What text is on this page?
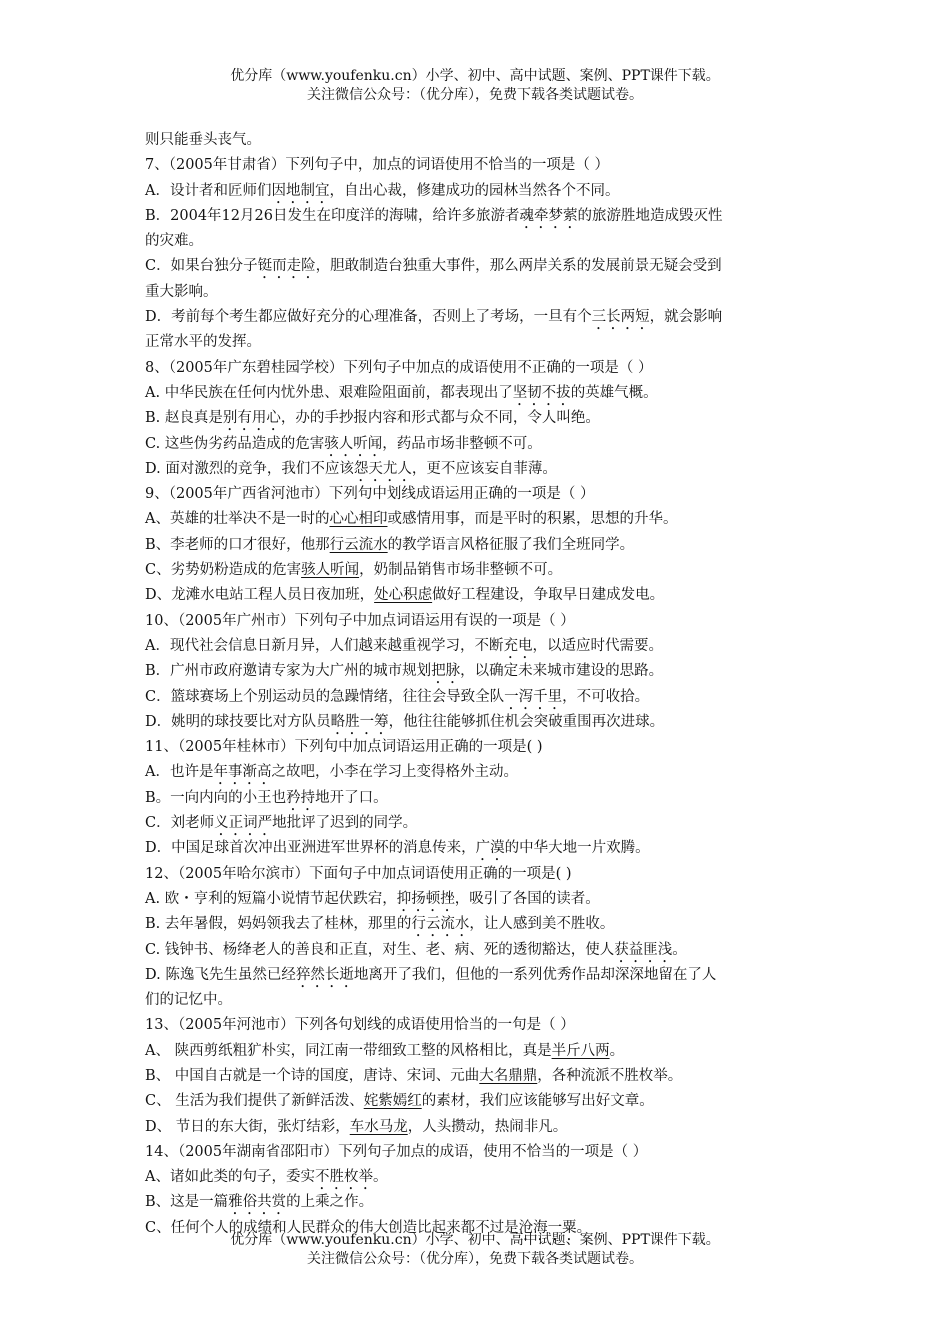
优分库（www.youfenku.cn）小学、初中、高中试题、案例、PPT课件下载。
关注微信公众号：（优分库），免费下载各类试题试卷。
则只能垂头丧气。
7、（2005年甘肃省）下列句子中，加点的词语使用不恰当的一项是（ ）
A．设计者和匠师们因地制宜，自出心裁，修建成功的园林当然各个不同。
B．2004年12月26日发生在印度洋的海啸，给许多旅游者魂牵梦萦的旅游胜地造成毁灭性
的灾难。
C．如果台独分子铤而走险，胆敢制造台独重大事件，那么两岸关系的发展前景无疑会受到
重大影响。
D．考前每个考生都应做好充分的心理准备，否则上了考场，一旦有个三长两短，就会影响
正常水平的发挥。
8、（2005年广东碧桂园学校）下列句子中加点的成语使用不正确的一项是（ ）
A. 中华民族在任何内忧外患、艰难险阻面前，都表现出了坚韧不拔的英雄气概。
B. 赵良真是别有用心，办的手抄报内容和形式都与众不同，令人叫绝。
C. 这些伪劣药品造成的危害骇人听闻，药品市场非整顿不可。
D. 面对激烈的竞争，我们不应该怨天尤人，更不应该妄自菲薄。
9、（2005年广西省河池市）下列句中划线成语运用正确的一项是（ ）
A、英雄的壮举决不是一时的心心相印或感情用事，而是平时的积累，思想的升华。
B、李老师的口才很好，他那行云流水的教学语言风格征服了我们全班同学。
C、劣势奶粉造成的危害骇人听闻，奶制品销售市场非整顿不可。
D、龙滩水电站工程人员日夜加班，处心积虑做好工程建设，争取早日建成发电。
10、（2005年广州市）下列句子中加点词语运用有误的一项是（ ）
A．现代社会信息日新月异，人们越来越重视学习，不断充电，以适应时代需要。
B．广州市政府邀请专家为大广州的城市规划把脉，以确定未来城市建设的思路。
C．篮球赛场上个别运动员的急躁情绪，往往会导致全队一泻千里，不可收拾。
D．姚明的球技要比对方队员略胜一筹，他往往能够抓住机会突破重围再次进球。
11、（2005年桂林市）下列句中加点词语运用正确的一项是( )
A．也许是年事渐高之故吧，小李在学习上变得格外主动。
B。一向内向的小王也矜持地开了口。
C．刘老师义正词严地批评了迟到的同学。
D．中国足球首次冲出亚洲进军世界杯的消息传来，广漠的中华大地一片欢腾。
12、（2005年哈尔滨市）下面句子中加点词语使用正确的一项是( )
A. 欧・亨利的短篇小说情节起伏跌宕，抑扬顿挫，吸引了各国的读者。
B. 去年暑假，妈妈领我去了桂林，那里的行云流水，让人感到美不胜收。
C. 钱钟书、杨绛老人的善良和正直，对生、老、病、死的透彻豁达，使人获益匪浅。
D. 陈逸飞先生虽然已经猝然长逝地离开了我们，但他的一系列优秀作品却深深地留在了人
们的记忆中。
13、（2005年河池市）下列各句划线的成语使用恰当的一句是（ ）
A、 陕西剪纸粗犷朴实，同江南一带细致工整的风格相比，真是半斤八两。
B、 中国自古就是一个诗的国度，唐诗、宋词、元曲大名鼎鼎，各种流派不胜枚举。
C、 生活为我们提供了新鲜活泼、姹紫嫣红的素材，我们应该能够写出好文章。
D、 节日的东大街，张灯结彩，车水马龙，人头攒动，热闹非凡。
14、（2005年湖南省邵阳市）下列句子加点的成语，使用不恰当的一项是（ ）
A、诸如此类的句子，委实不胜枚举。
B、这是一篇雅俗共赏的上乘之作。
C、任何个人的成绩和人民群众的伟大创造比起来都不过是沧海一粟。
优分库（www.youfenku.cn）小学、初中、高中试题、案例、PPT课件下载。
关注微信公众号：（优分库），免费下载各类试题试卷。
